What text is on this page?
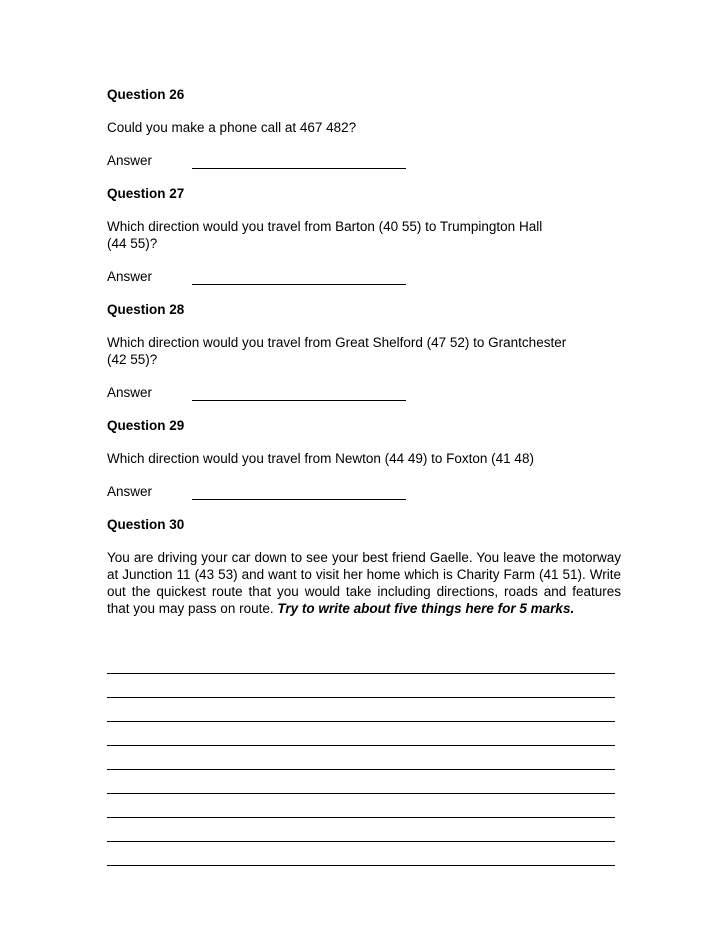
Question 26

Could you make a phone call at 467 482?

Answer

Question 27

Which direction would you travel from Barton (40 55) to Trumpington Hall
(44 55)?

Answer

Question 28

Which direction would you travel from Great Shelford (47 52) to Grantchester
(42 55)?

Answer

Question 29

Which direction would you travel from Newton (44 49) to Foxton (41 48)

Answer

Question 30

You are driving your car down to see your best friend Gaelle. You leave the motorway at Junction 11 (43 53) and want to visit her home which is Charity Farm (41 51). Write out the quickest route that you would take including directions, roads and features that you may pass on route. Try to write about five things here for 5 marks.
